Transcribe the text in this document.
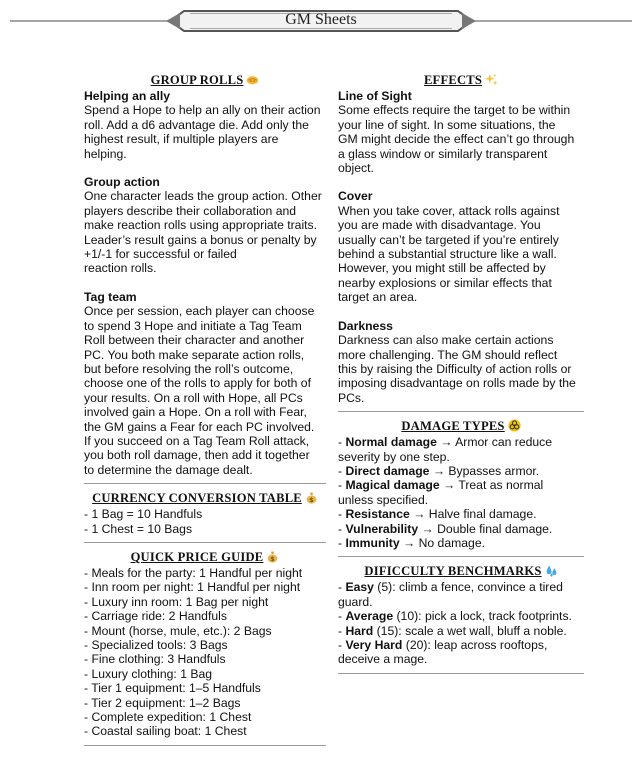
GM Sheets
GROUP ROLLS
Helping an ally
Spend a Hope to help an ally on their action
roll. Add a d6 advantage die. Add only the
highest result, if multiple players are
helping.
Group action
One character leads the group action. Other
players describe their collaboration and
make reaction rolls using appropriate traits.
Leader’s result gains a bonus or penalty by
+1/-1 for successful or failed
reaction rolls.
Tag team
Once per session, each player can choose
to spend 3 Hope and initiate a Tag Team
Roll between their character and another
PC. You both make separate action rolls,
but before resolving the roll’s outcome,
choose one of the rolls to apply for both of
your results. On a roll with Hope, all PCs
involved gain a Hope. On a roll with Fear,
the GM gains a Fear for each PC involved.
If you succeed on a Tag Team Roll attack,
you both roll damage, then add it together
to determine the damage dealt.
CURRENCY CONVERSION TABLE $
- 1 Bag = 10 Handfuls
- 1 Chest = 10 Bags
QUICK PRICE GUIDE $
- Meals for the party: 1 Handful per night
- Inn room per night: 1 Handful per night
- Luxury inn room: 1 Bag per night
- Carriage ride: 2 Handfuls
- Mount (horse, mule, etc.): 2 Bags
- Specialized tools: 3 Bags
- Fine clothing: 3 Handfuls
- Luxury clothing: 1 Bag
- Tier 1 equipment: 1–5 Handfuls
- Tier 2 equipment: 1–2 Bags
- Complete expedition: 1 Chest
- Coastal sailing boat: 1 Chest
EFFECTS
Line of Sight
Some effects require the target to be within
your line of sight. In some situations, the
GM might decide the effect can’t go through
a glass window or similarly transparent
object.
Cover
When you take cover, attack rolls against
you are made with disadvantage. You
usually can’t be targeted if you’re entirely
behind a substantial structure like a wall.
However, you might still be affected by
nearby explosions or similar effects that
target an area.
Darkness
Darkness can also make certain actions
more challenging. The GM should reflect
this by raising the Difficulty of action rolls or
imposing disadvantage on rolls made by the
PCs.
DAMAGE TYPES
- Normal damage → Armor can reduce
severity by one step.
- Direct damage → Bypasses armor.
- Magical damage → Treat as normal
unless specified.
- Resistance → Halve final damage.
- Vulnerability → Double final damage.
- Immunity → No damage.
DIFICCULTY BENCHMARKS
- Easy (5): climb a fence, convince a tired
guard.
- Average (10): pick a lock, track footprints.
- Hard (15): scale a wet wall, bluff a noble.
- Very Hard (20): leap across rooftops,
deceive a mage.
